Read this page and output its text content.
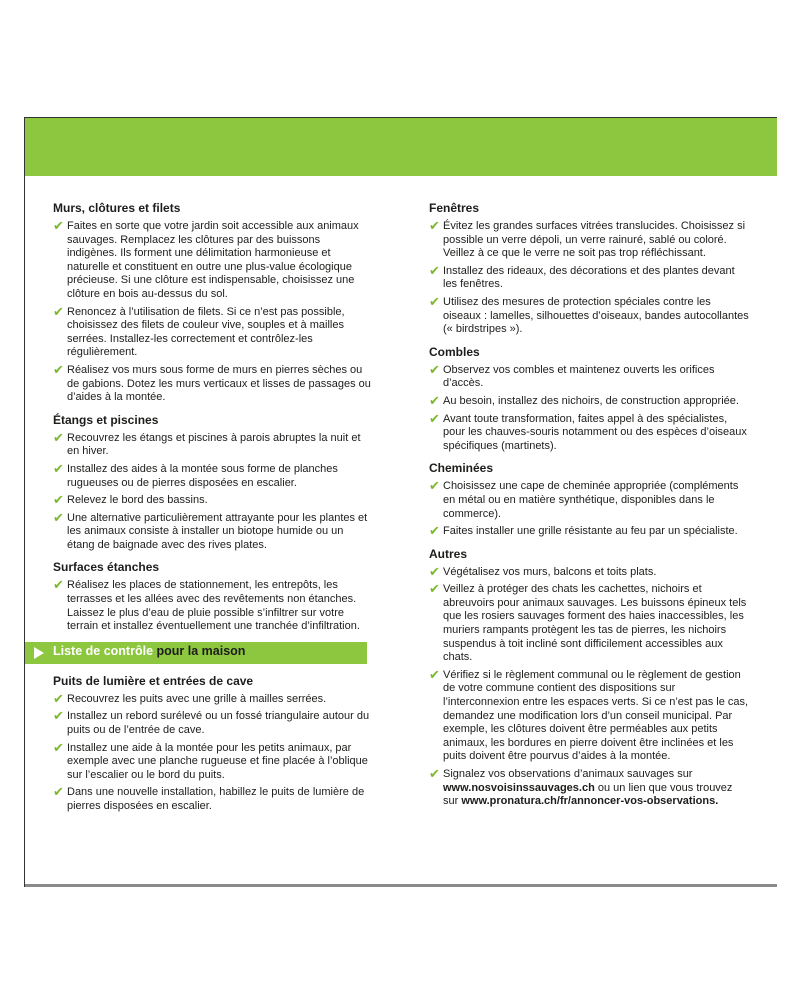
Murs, clôtures et filets
✔ Faites en sorte que votre jardin soit accessible aux animaux sauvages. Remplacez les clôtures par des buissons indigènes. Ils forment une délimitation harmonieuse et naturelle et constituent en outre une plus-value écologique précieuse. Si une clôture est indispensable, choisissez une clôture en bois au-dessus du sol.
✔ Renoncez à l’utilisation de filets. Si ce n’est pas possible, choisissez des filets de couleur vive, souples et à mailles serrées. Installez-les correctement et contrôlez-les régulièrement.
✔ Réalisez vos murs sous forme de murs en pierres sèches ou de gabions. Dotez les murs verticaux et lisses de passages ou d’aides à la montée.
Étangs et piscines
✔ Recouvrez les étangs et piscines à parois abruptes la nuit et en hiver.
✔ Installez des aides à la montée sous forme de planches rugueuses ou de pierres disposées en escalier.
✔ Relevez le bord des bassins.
✔ Une alternative particulièrement attrayante pour les plantes et les animaux consiste à installer un biotope humide ou un étang de baignade avec des rives plates.
Surfaces étanches
✔ Réalisez les places de stationnement, les entrepôts, les terrasses et les allées avec des revêtements non étanches. Laissez le plus d’eau de pluie possible s’infiltrer sur votre terrain et installez éventuellement une tranchée d’infiltration.
Liste de contrôle pour la maison
Puits de lumière et entrées de cave
✔ Recouvrez les puits avec une grille à mailles serrées.
✔ Installez un rebord surélevé ou un fossé triangulaire autour du puits ou de l’entrée de cave.
✔ Installez une aide à la montée pour les petits animaux, par exemple avec une planche rugueuse et fine placée à l’oblique sur l’escalier ou le bord du puits.
✔ Dans une nouvelle installation, habillez le puits de lumière de pierres disposées en escalier.
Fenêtres
✔ Évitez les grandes surfaces vitrées translucides. Choisissez si possible un verre dépoli, un verre rainuré, sablé ou coloré. Veillez à ce que le verre ne soit pas trop réfléchissant.
✔ Installez des rideaux, des décorations et des plantes devant les fenêtres.
✔ Utilisez des mesures de protection spéciales contre les oiseaux : lamelles, silhouettes d’oiseaux, bandes autocollantes (« birdstripes »).
Combles
✔ Observez vos combles et maintenez ouverts les orifices d’accès.
✔ Au besoin, installez des nichoirs, de construction appropriée.
✔ Avant toute transformation, faites appel à des spécialistes, pour les chauves-souris notamment ou des espèces d’oiseaux spécifiques (martinets).
Cheminées
✔ Choisissez une cape de cheminée appropriée (compléments en métal ou en matière synthétique, disponibles dans le commerce).
✔ Faites installer une grille résistante au feu par un spécialiste.
Autres
✔ Végétalisez vos murs, balcons et toits plats.
✔ Veillez à protéger des chats les cachettes, nichoirs et abreuvoirs pour animaux sauvages. Les buissons épineux tels que les rosiers sauvages forment des haies inaccessibles, les muriers rampants protègent les tas de pierres, les nichoirs suspendus à toit incliné sont difficilement accessibles aux chats.
✔ Vérifiez si le règlement communal ou le règlement de gestion de votre commune contient des dispositions sur l’interconnexion entre les espaces verts. Si ce n’est pas le cas, demandez une modification lors d’un conseil municipal. Par exemple, les clôtures doivent être perméables aux petits animaux, les bordures en pierre doivent être inclinées et les puits doivent être pourvus d’aides à la montée.
✔ Signalez vos observations d’animaux sauvages sur www.nosvoisinssauvages.ch ou un lien que vous trouvez sur www.pronatura.ch/fr/annoncer-vos-observations.
